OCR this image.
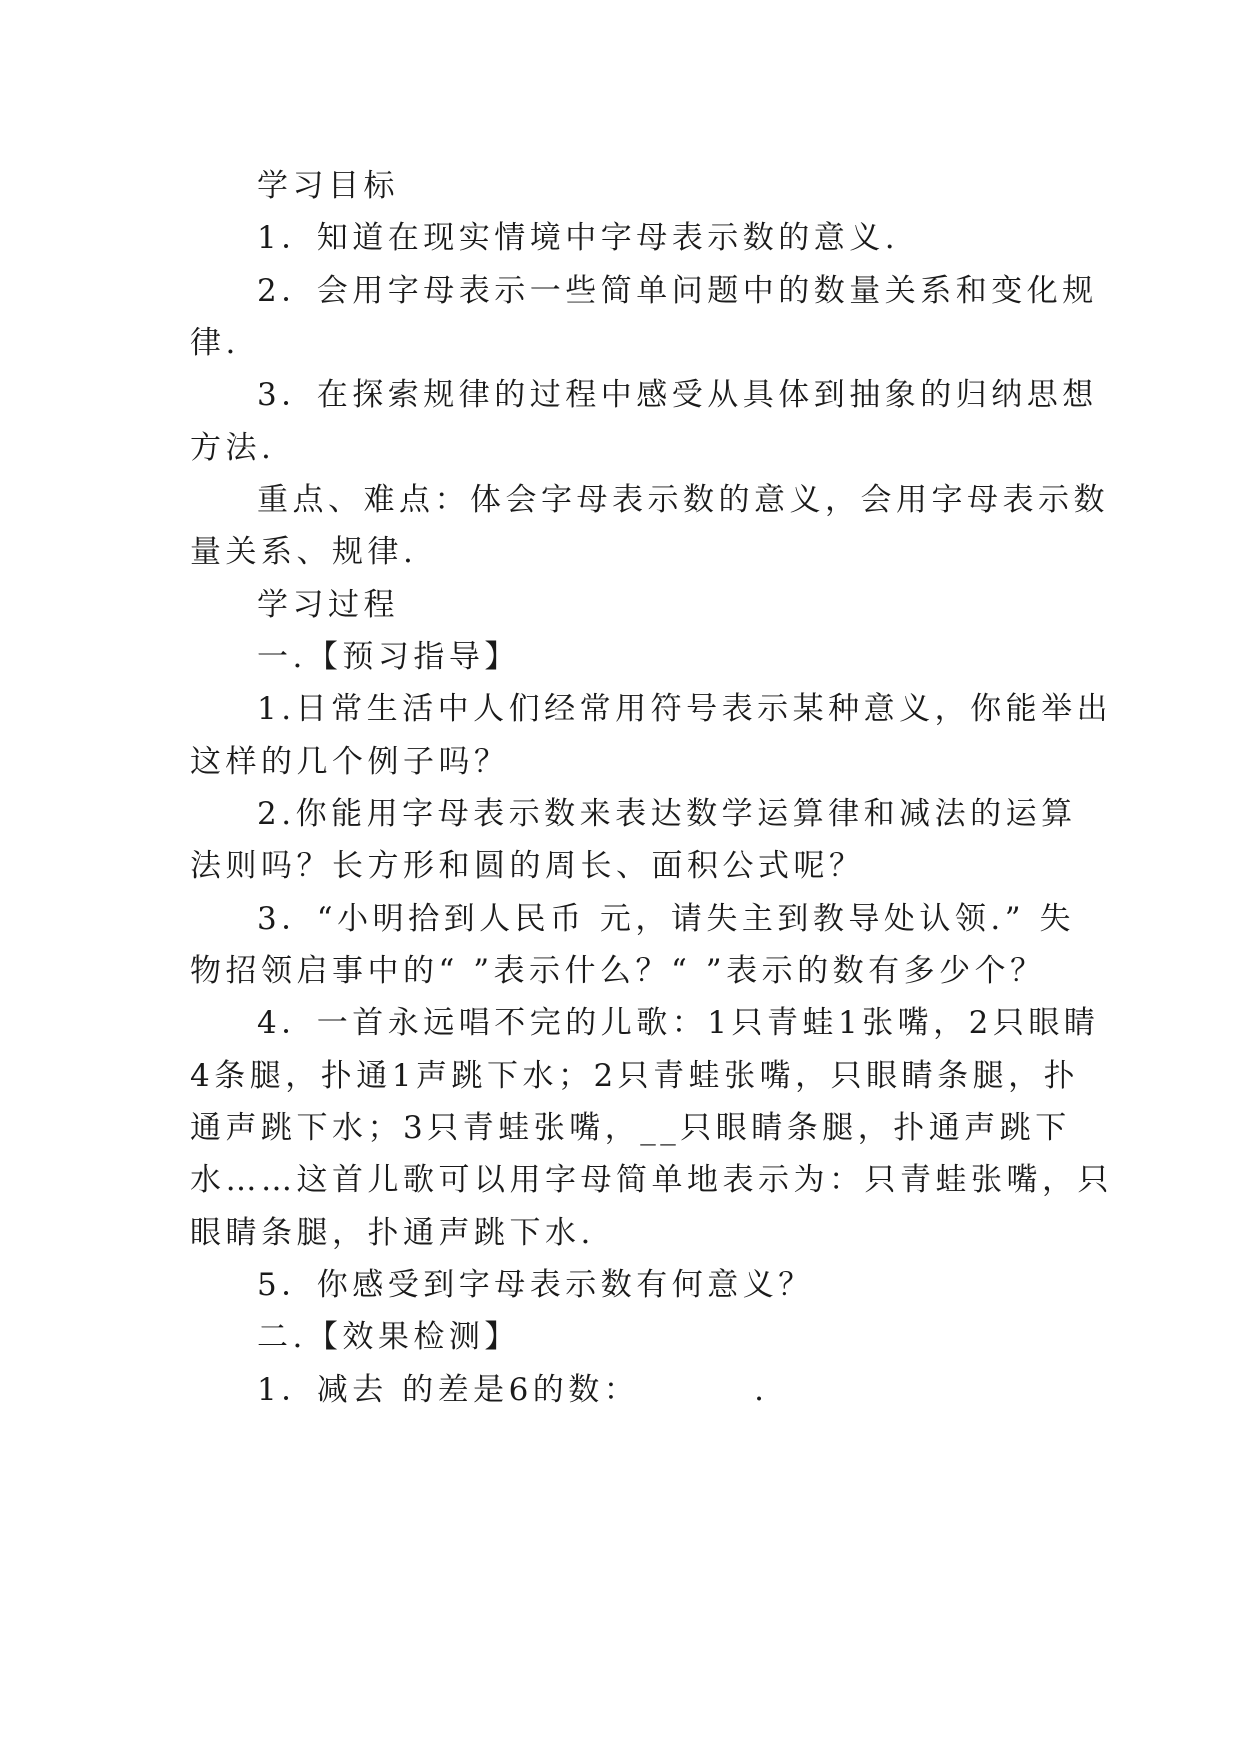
学习目标
1．知道在现实情境中字母表示数的意义.
2．会用字母表示一些简单问题中的数量关系和变化规
律.
3．在探索规律的过程中感受从具体到抽象的归纳思想
方法.
重点、难点：体会字母表示数的意义，会用字母表示数
量关系、规律.
学习过程
一.【预习指导】
1.日常生活中人们经常用符号表示某种意义，你能举出
这样的几个例子吗？
2.你能用字母表示数来表达数学运算律和减法的运算
法则吗？长方形和圆的周长、面积公式呢？
3．“小明拾到人民币 元，请失主到教导处认领.” 失
物招领启事中的“ ”表示什么？“ ”表示的数有多少个？
4．一首永远唱不完的儿歌：1只青蛙1张嘴，2只眼睛
4条腿，扑通1声跳下水；2只青蛙张嘴，只眼睛条腿，扑
通声跳下水；3只青蛙张嘴，__只眼睛条腿，扑通声跳下
水……这首儿歌可以用字母简单地表示为：只青蛙张嘴，只
眼睛条腿，扑通声跳下水.
5．你感受到字母表示数有何意义？
二.【效果检测】
1．减去 的差是6的数：        .
